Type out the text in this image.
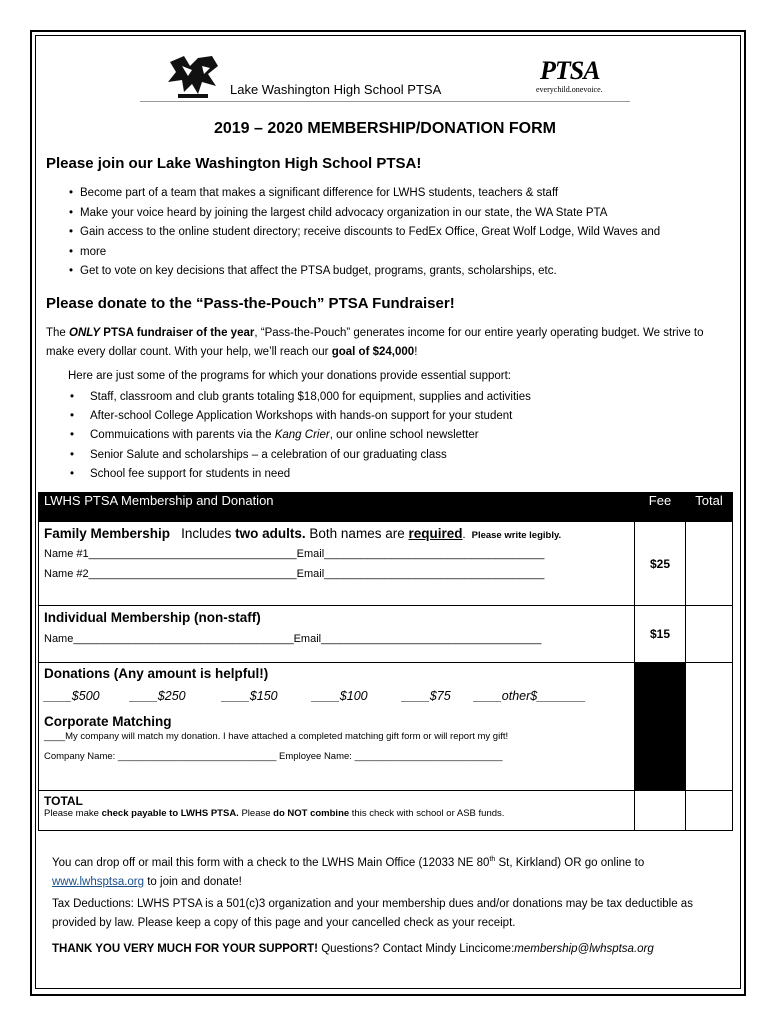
Lake Washington High School PTSA
PTSA
everychild.onevoice.
2019 – 2020 MEMBERSHIP/DONATION FORM
Please join our Lake Washington High School PTSA!
• Become part of a team that makes a significant difference for LWHS students, teachers & staff
• Make your voice heard by joining the largest child advocacy organization in our state, the WA State PTA
• Gain access to the online student directory; receive discounts to FedEx Office, Great Wolf Lodge, Wild Waves and
• more
• Get to vote on key decisions that affect the PTSA budget, programs, grants, scholarships, etc.
Please donate to the “Pass-the-Pouch” PTSA Fundraiser!
The ONLY PTSA fundraiser of the year, “Pass-the-Pouch” generates income for our entire yearly operating budget. We strive to make every dollar count. With your help, we’ll reach our goal of $24,000!
Here are just some of the programs for which your donations provide essential support:
• Staff, classroom and club grants totaling $18,000 for equipment, supplies and activities
• After-school College Application Workshops with hands-on support for your student
• Commuications with parents via the Kang Crier, our online school newsletter
• Senior Salute and scholarships – a celebration of our graduating class
• School fee support for students in need
LWHS PTSA Membership and Donation	Fee	Total

Family Membership Includes two adults. Both names are required. Please write legibly.
Name #1__________________________________Email____________________________________
Name #2__________________________________Email____________________________________	$25	

Individual Membership (non-staff)
Name____________________________________Email____________________________________	$15	

Donations (Any amount is helpful!)
____$500 ____$250 ____$150 ____$100 ____$75 ____other$_______
Corporate Matching
____My company will match my donation. I have attached a completed matching gift form or will report my gift!
Company Name: ______________________________ Employee Name: ____________________________		

TOTAL
Please make check payable to LWHS PTSA. Please do NOT combine this check with school or ASB funds.		

You can drop off or mail this form with a check to the LWHS Main Office (12033 NE 80th St, Kirkland) OR go online to www.lwhsptsa.org to join and donate!
Tax Deductions: LWHS PTSA is a 501(c)3 organization and your membership dues and/or donations may be tax deductible as provided by law. Please keep a copy of this page and your cancelled check as your receipt.
THANK YOU VERY MUCH FOR YOUR SUPPORT! Questions? Contact Mindy Lincicome:membership@lwhsptsa.org
